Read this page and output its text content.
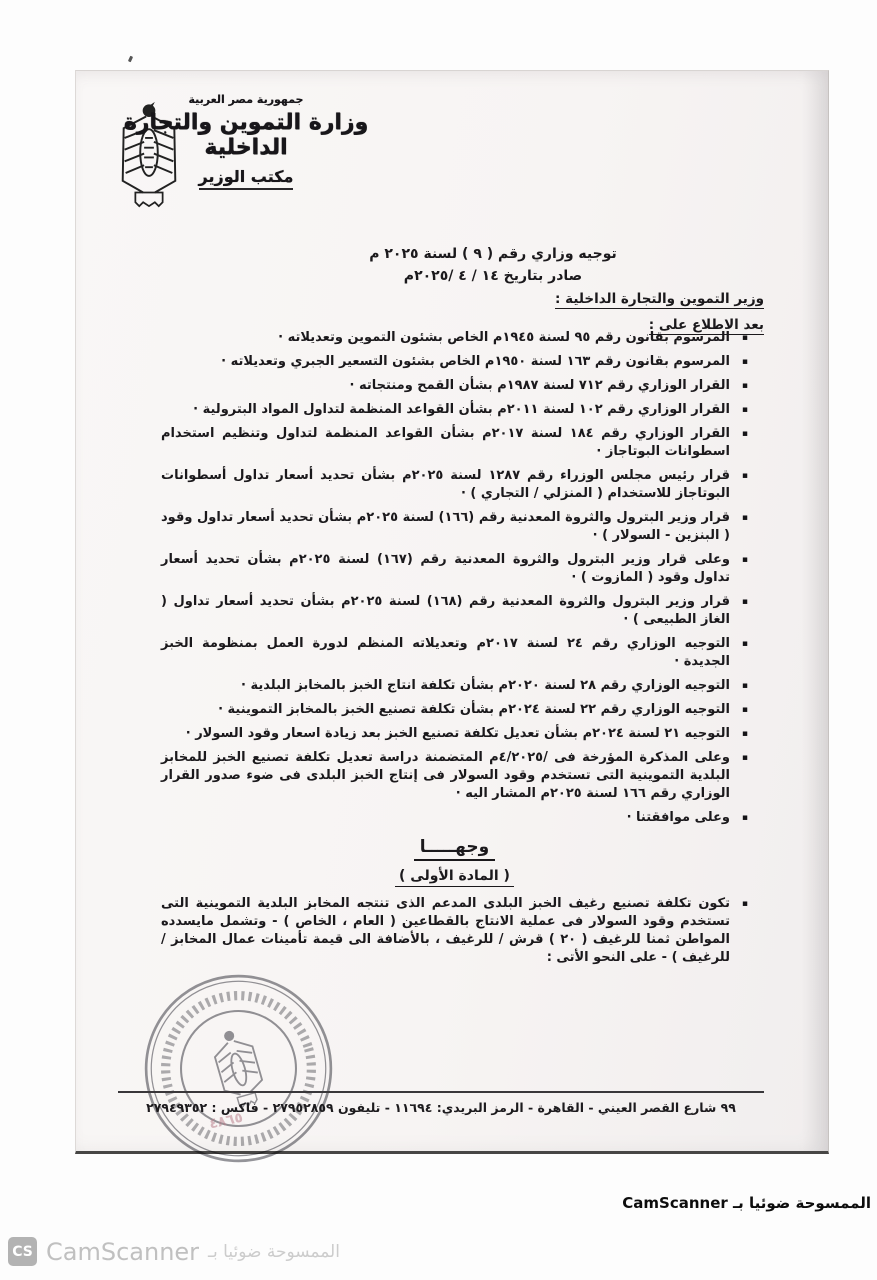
جمهورية مصر العربية
وزارة التموين والتجارة الداخلية
مكتب الوزير
توجيه وزاري رقم ( ٩ ) لسنة ٢٠٢٥ م
صادر بتاريخ ١٤ / ٤ /٢٠٢٥م
وزير التموين والتجارة الداخلية :
بعد الاطلاع على :
▪
المرسوم بقانون رقم ٩٥ لسنة ١٩٤٥م الخاص بشئون التموين وتعديلاته ·
▪
المرسوم بقانون رقم ١٦٣ لسنة ١٩٥٠م الخاص بشئون التسعير الجبري وتعديلاته ·
▪
القرار الوزاري رقم ٧١٢ لسنة ١٩٨٧م بشأن القمح ومنتجاته ·
▪
القرار الوزاري رقم ١٠٢ لسنة ٢٠١١م بشأن القواعد المنظمة لتداول المواد البترولية ·
▪
القرار الوزاري رقم ١٨٤ لسنة ٢٠١٧م بشأن القواعد المنظمة لتداول وتنظيم استخدام اسطوانات البوتاجاز ·
▪
قرار رئيس مجلس الوزراء رقم ١٢٨٧ لسنة ٢٠٢٥م بشأن تحديد أسعار تداول أسطوانات البوتاجاز للاستخدام ( المنزلي / التجاري ) ·
▪
قرار وزير البترول والثروة المعدنية رقم (١٦٦) لسنة ٢٠٢٥م بشأن تحديد أسعار تداول وقود ( البنزين - السولار ) ·
▪
وعلى قرار وزير البترول والثروة المعدنية رقم (١٦٧) لسنة ٢٠٢٥م بشأن تحديد أسعار تداول وقود ( المازوت ) ·
▪
قرار وزير البترول والثروة المعدنية رقم (١٦٨) لسنة ٢٠٢٥م بشأن تحديد أسعار تداول ( الغاز الطبيعى ) ·
▪
التوجيه الوزاري رقم ٢٤ لسنة ٢٠١٧م وتعديلاته المنظم لدورة العمل بمنظومة الخبز الجديدة ·
▪
التوجيه الوزاري رقم ٢٨ لسنة ٢٠٢٠م بشأن تكلفة انتاج الخبز بالمخابز البلدية ·
▪
التوجيه الوزاري رقم ٢٢ لسنة ٢٠٢٤م بشأن تكلفة تصنيع الخبز بالمخابز التموينية ·
▪
التوجيه ٢١ لسنة ٢٠٢٤م بشأن تعديل تكلفة تصنيع الخبز بعد زيادة اسعار وقود السولار ·
▪
وعلى المذكرة المؤرخة فى /٤/٢٠٢٥م المتضمنة دراسة تعديل تكلفة تصنيع الخبز للمخابز البلدية التموينية التى تستخدم وقود السولار فى إنتاج الخبز البلدى فى ضوء صدور القرار الوزاري رقم ١٦٦ لسنة ٢٠٢٥م المشار اليه ·
▪
وعلى موافقتنا ·
وجهـــــا
( المادة الأولى )
▪
تكون تكلفة تصنيع رغيف الخبز البلدى المدعم الذى تنتجه المخابز البلدية التموينية التى تستخدم وقود السولار فى عملية الانتاج بالقطاعين ( العام ، الخاص ) - وتشمل مايسدده المواطن ثمنا للرغيف ( ٢٠ ) قرش / للرغيف ، بالأضافة الى قيمة تأمينات عمال المخابز / للرغيف ) - على النحو الأتى :
٩٩ شارع القصر العيني - القاهرة - الرمز البريدي: ١١٦٩٤ - تليفون ٢٧٩٥٢٨٥٩ - فاكس : ٢٧٩٤٩٣٥٢
٤٨٦٥
الممسوحة ضوئيا بـ CamScanner
CS CamScanner الممسوحة ضوئيا بـ
